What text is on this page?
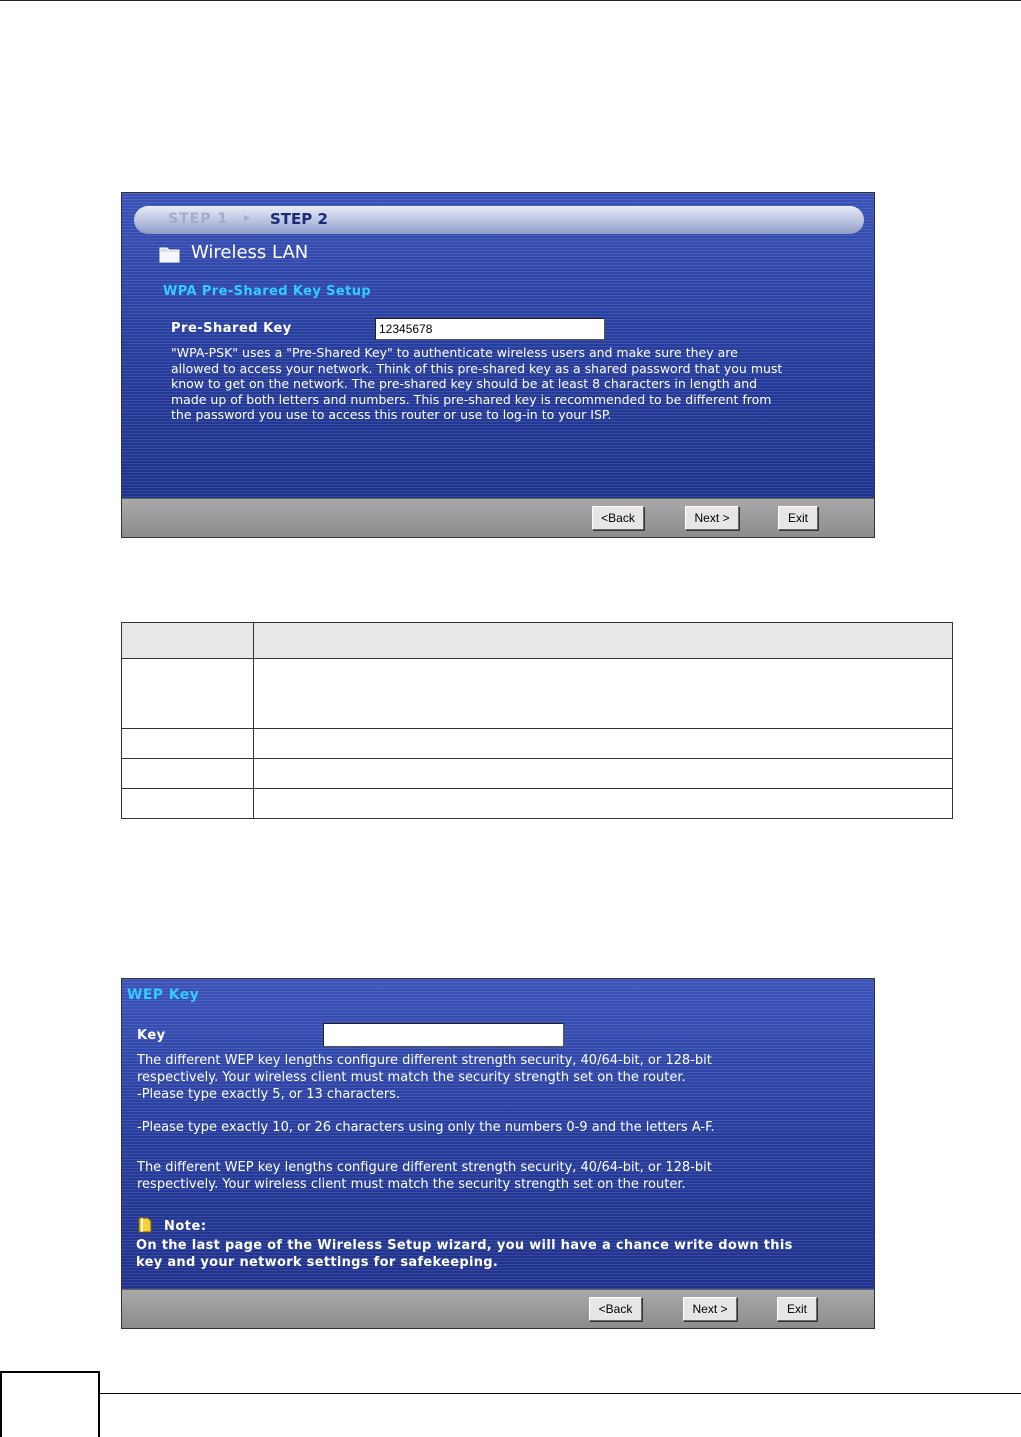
STEP 1 ▸ STEP 2
Wireless LAN
WPA Pre-Shared Key Setup
Pre-Shared Key	12345678
"WPA-PSK" uses a "Pre-Shared Key" to authenticate wireless users and make sure they are
allowed to access your network. Think of this pre-shared key as a shared password that you must
know to get on the network. The pre-shared key should be at least 8 characters in length and
made up of both letters and numbers. This pre-shared key is recommended to be different from
the password you use to access this router or use to log-in to your ISP.
<Back	Next >	Exit

WEP Key
Key
The different WEP key lengths configure different strength security, 40/64-bit, or 128-bit
respectively. Your wireless client must match the security strength set on the router.
-Please type exactly 5, or 13 characters.
-Please type exactly 10, or 26 characters using only the numbers 0-9 and the letters A-F.
The different WEP key lengths configure different strength security, 40/64-bit, or 128-bit
respectively. Your wireless client must match the security strength set on the router.
Note:
On the last page of the Wireless Setup wizard, you will have a chance write down this
key and your network settings for safekeeping.
<Back	Next >	Exit
